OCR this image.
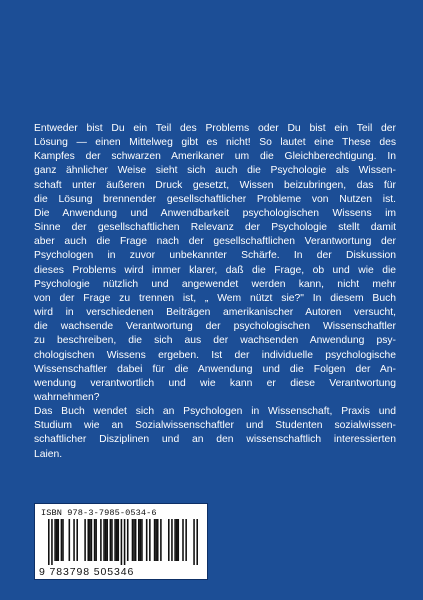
Entweder bist Du ein Teil des Problems oder Du bist ein Teil der
Lösung — einen Mittelweg gibt es nicht! So lautet eine These des
Kampfes der schwarzen Amerikaner um die Gleichberechtigung. In
ganz ähnlicher Weise sieht sich auch die Psychologie als Wissen-
schaft unter äußeren Druck gesetzt, Wissen beizubringen, das für
die Lösung brennender gesellschaftlicher Probleme von Nutzen ist.
Die Anwendung und Anwendbarkeit psychologischen Wissens im
Sinne der gesellschaftlichen Relevanz der Psychologie stellt damit
aber auch die Frage nach der gesellschaftlichen Verantwortung der
Psychologen in zuvor unbekannter Schärfe. In der Diskussion
dieses Problems wird immer klarer, daß die Frage, ob und wie die
Psychologie nützlich und angewendet werden kann, nicht mehr
von der Frage zu trennen ist, „ Wem nützt sie?" In diesem Buch
wird in verschiedenen Beiträgen amerikanischer Autoren versucht,
die wachsende Verantwortung der psychologischen Wissenschaftler
zu beschreiben, die sich aus der wachsenden Anwendung psy-
chologischen Wissens ergeben. Ist der individuelle psychologische
Wissenschaftler dabei für die Anwendung und die Folgen der An-
wendung verantwortlich und wie kann er diese Verantwortung
wahrnehmen?
Das Buch wendet sich an Psychologen in Wissenschaft, Praxis und
Studium wie an Sozialwissenschaftler und Studenten sozialwissen-
schaftlicher Disziplinen und an den wissenschaftlich interessierten
Laien.
ISBN 978-3-7985-0534-6
9 783798 505346
